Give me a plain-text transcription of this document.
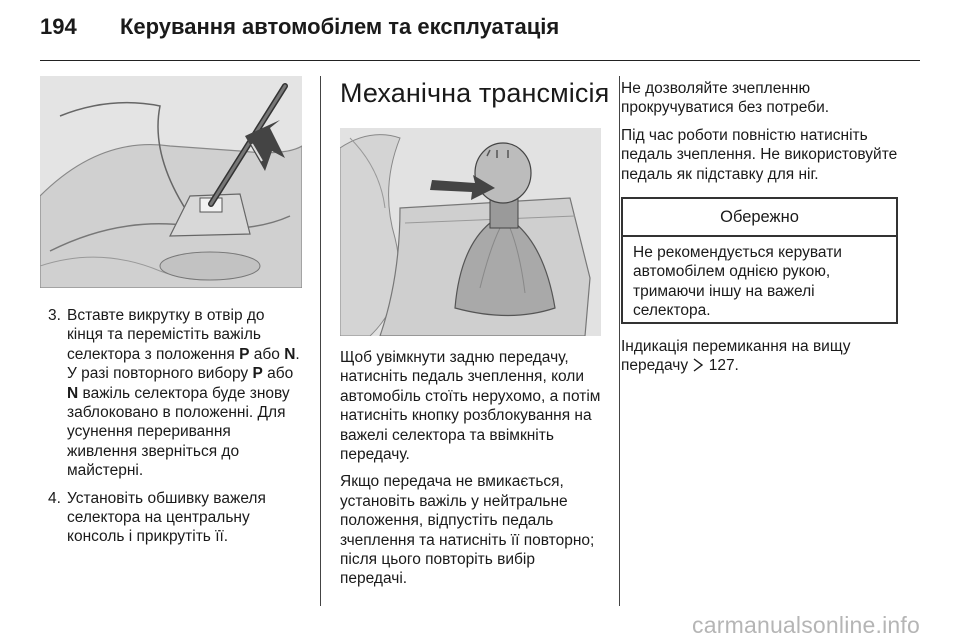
194 Керування автомобілем та експлуатація
3. Вставте викрутку в отвір до кінця та перемістіть важіль селектора з положення P або N. У разі повторного вибору P або N важіль селектора буде знову заблоковано в положенні. Для усунення переривання живлення зверніться до майстерні.
4. Установіть обшивку важеля селектора на центральну консоль і прикрутіть її.
Механічна трансмісія

Щоб увімкнути задню передачу, натисніть педаль зчеплення, коли автомобіль стоїть нерухомо, а потім натисніть кнопку розблокування на важелі селектора та ввімкніть передачу.

Якщо передача не вмикається, установіть важіль у нейтральне положення, відпустіть педаль зчеплення та натисніть її повторно; після цього повторіть вибір передачі.

Не дозволяйте зчепленню прокручуватися без потреби.

Під час роботи повністю натисніть педаль зчеплення. Не використовуйте педаль як підставку для ніг.

Обережно
Не рекомендується керувати автомобілем однією рукою, тримаючи іншу на важелі селектора.

Індикація перемикання на вищу передачу  127.

carmanualsonline.info
